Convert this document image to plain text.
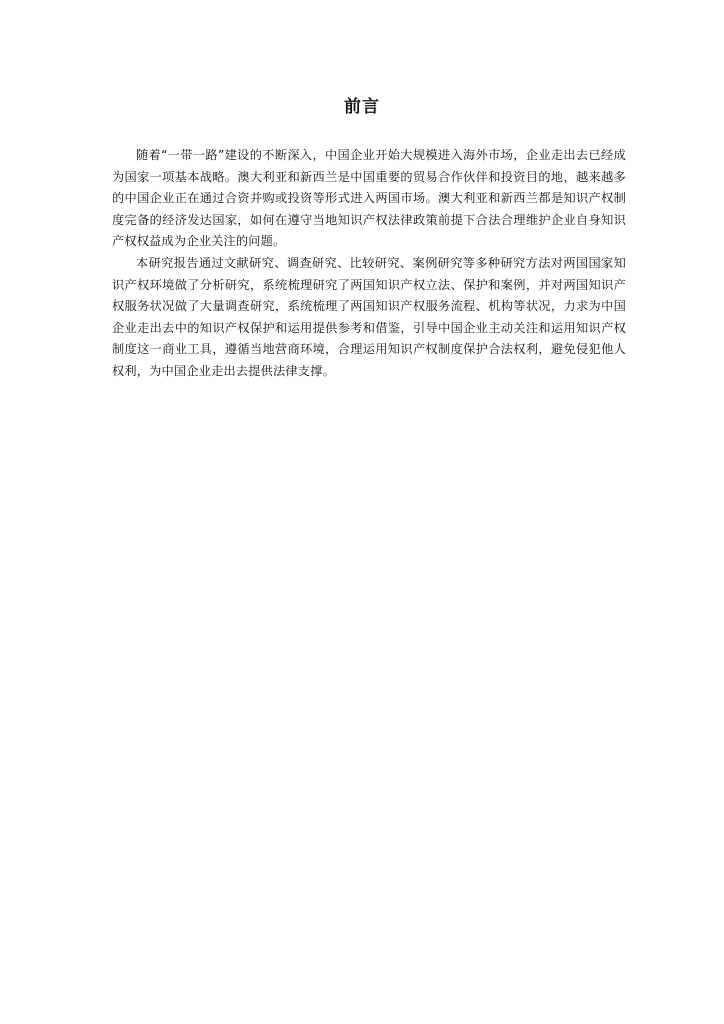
前言

随着“一带一路”建设的不断深入，中国企业开始大规模进入海外市场，企业走出去已经成为国家一项基本战略。澳大利亚和新西兰是中国重要的贸易合作伙伴和投资目的地，越来越多的中国企业正在通过合资并购或投资等形式进入两国市场。澳大利亚和新西兰都是知识产权制度完备的经济发达国家，如何在遵守当地知识产权法律政策前提下合法合理维护企业自身知识产权权益成为企业关注的问题。

本研究报告通过文献研究、调查研究、比较研究、案例研究等多种研究方法对两国国家知识产权环境做了分析研究，系统梳理研究了两国知识产权立法、保护和案例，并对两国知识产权服务状况做了大量调查研究，系统梳理了两国知识产权服务流程、机构等状况，力求为中国企业走出去中的知识产权保护和运用提供参考和借鉴，引导中国企业主动关注和运用知识产权制度这一商业工具，遵循当地营商环境，合理运用知识产权制度保护合法权利，避免侵犯他人权利，为中国企业走出去提供法律支撑。
